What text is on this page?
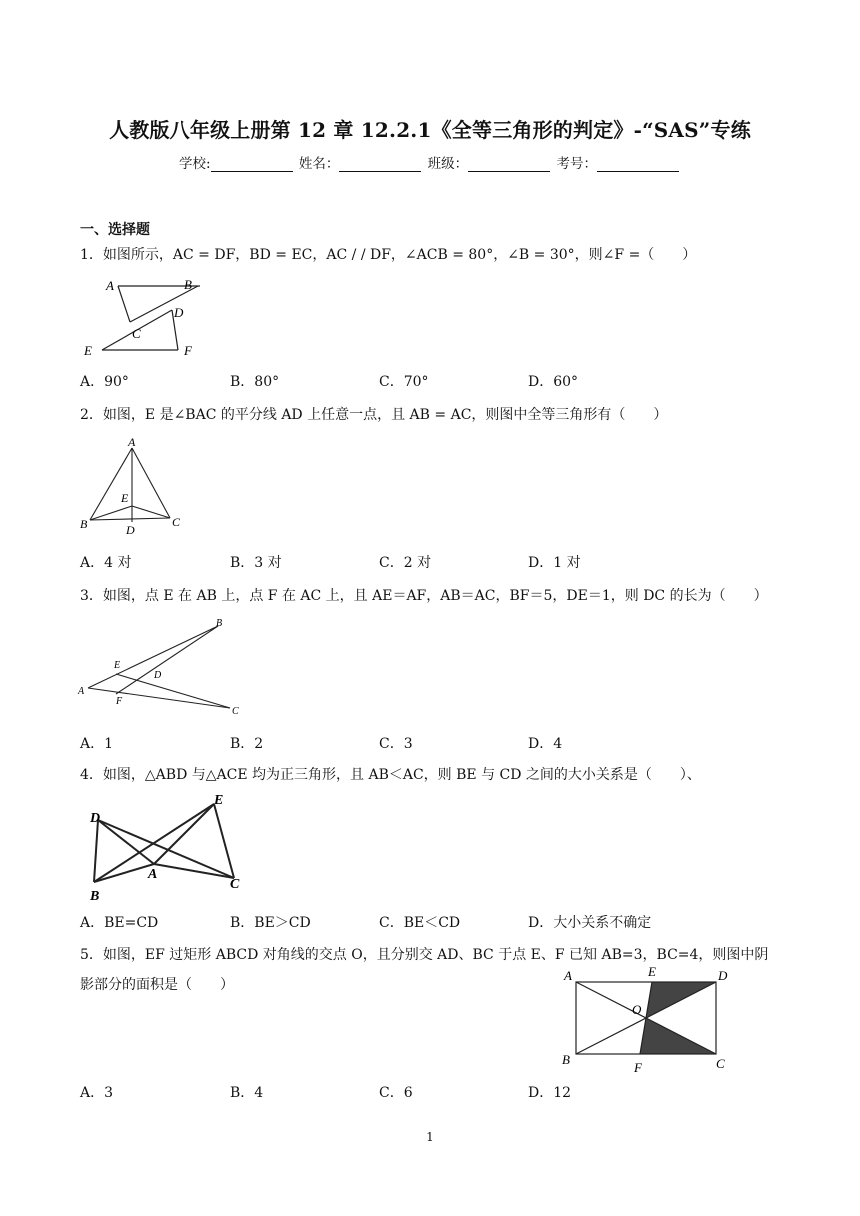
人教版八年级上册第 12 章 12.2.1《全等三角形的判定》-“SAS”专练
学校:	姓名：	班级：	考号：
一、选择题
1．如图所示，AC = DF，BD = EC，AC / / DF，∠ACB = 80°，∠B = 30°，则∠F =（　　）
A	B
C
D
E	F
A．90°	B．80°	C．70°	D．60°
2．如图，E 是∠BAC 的平分线 AD 上任意一点，且 AB = AC，则图中全等三角形有（　　）
A
E
B	D
C
A．4 对	B．3 对	C．2 对	D．1 对
3．如图，点 E 在 AB 上，点 F 在 AC 上，且 AE＝AF，AB＝AC，BF＝5，DE＝1，则 DC 的长为（　　）
B
E
D
A
F
C
A．1	B．2	C．3	D．4
4．如图，△ABD 与△ACE 均为正三角形，且 AB＜AC，则 BE 与 CD 之间的大小关系是（　　）、
E
D
A
B
C
A．BE=CD	B．BE＞CD	C．BE＜CD	D．大小关系不确定
5．如图，EF 过矩形 ABCD 对角线的交点 O，且分别交 AD、BC 于点 E、F 已知 AB=3，BC=4，则图中阴
影部分的面积是（　　）
A	E	D
O
B
F	C
A．3	B．4	C．6	D．12
1
